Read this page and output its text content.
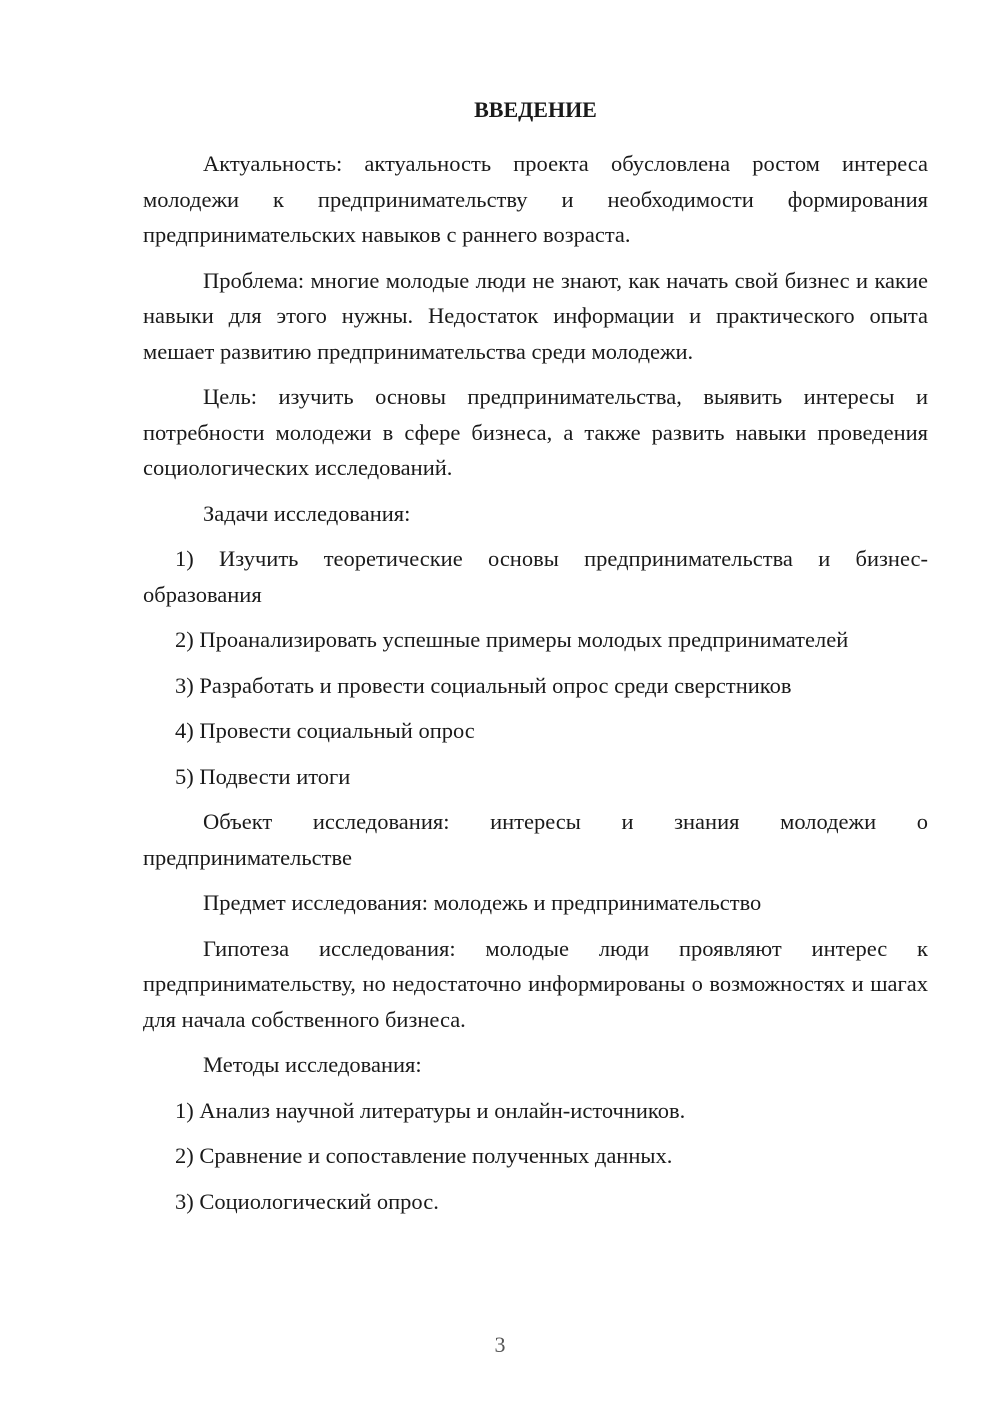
ВВЕДЕНИЕ

Актуальность: актуальность проекта обусловлена ростом интереса молодежи к предпринимательству и необходимости формирования предпринимательских навыков с раннего возраста.

Проблема: многие молодые люди не знают, как начать свой бизнес и какие навыки для этого нужны. Недостаток информации и практического опыта мешает развитию предпринимательства среди молодежи.

Цель: изучить основы предпринимательства, выявить интересы и потребности молодежи в сфере бизнеса, а также развить навыки проведения социологических исследований.

Задачи исследования:

1) Изучить теоретические основы предпринимательства и бизнес-образования

2) Проанализировать успешные примеры молодых предпринимателей

3) Разработать и провести социальный опрос среди сверстников

4) Провести социальный опрос

5) Подвести итоги

Объект исследования: интересы и знания молодежи о предпринимательстве

Предмет исследования: молодежь и предпринимательство

Гипотеза исследования: молодые люди проявляют интерес к предпринимательству, но недостаточно информированы о возможностях и шагах для начала собственного бизнеса.

Методы исследования:

1) Анализ научной литературы и онлайн-источников.

2) Сравнение и сопоставление полученных данных.

3) Социологический опрос.

3
